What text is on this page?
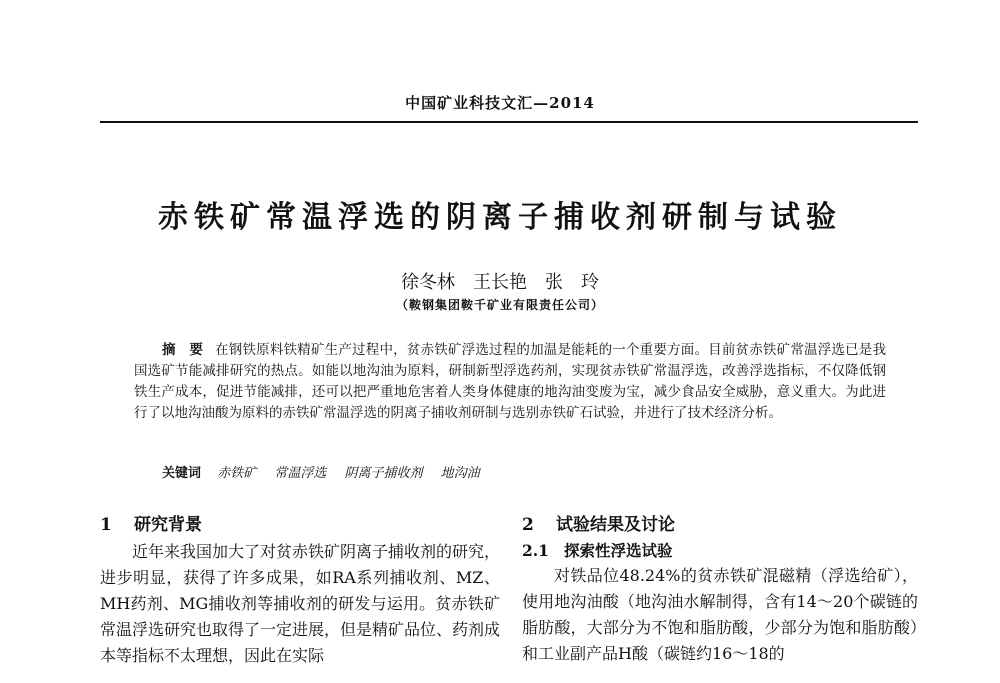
中国矿业科技文汇—2014
赤铁矿常温浮选的阴离子捕收剂研制与试验
徐冬林　王长艳　张　玲
（鞍钢集团鞍千矿业有限责任公司）
摘　要 在钢铁原料铁精矿生产过程中，贫赤铁矿浮选过程的加温是能耗的一个重要方面。目前贫赤铁矿常温浮选已是我国选矿节能减排研究的热点。如能以地沟油为原料，研制新型浮选药剂，实现贫赤铁矿常温浮选，改善浮选指标，不仅降低钢铁生产成本，促进节能减排，还可以把严重地危害着人类身体健康的地沟油变废为宝，减少食品安全威胁，意义重大。为此进行了以地沟油酸为原料的赤铁矿常温浮选的阴离子捕收剂研制与选别赤铁矿石试验，并进行了技术经济分析。
关键词 赤铁矿 常温浮选 阴离子捕收剂 地沟油
1 研究背景

近年来我国加大了对贫赤铁矿阴离子捕收剂的研究，进步明显，获得了许多成果，如RA系列捕收剂、MZ、MH药剂、MG捕收剂等捕收剂的研发与运用。贫赤铁矿常温浮选研究也取得了一定进展，但是精矿品位、药剂成本等指标不太理想，因此在实际

2 试验结果及讨论
2.1 探索性浮选试验

对铁品位48.24%的贫赤铁矿混磁精（浮选给矿），使用地沟油酸（地沟油水解制得，含有14～20个碳链的脂肪酸，大部分为不饱和脂肪酸，少部分为饱和脂肪酸）和工业副产品H酸（碳链约16～18的
